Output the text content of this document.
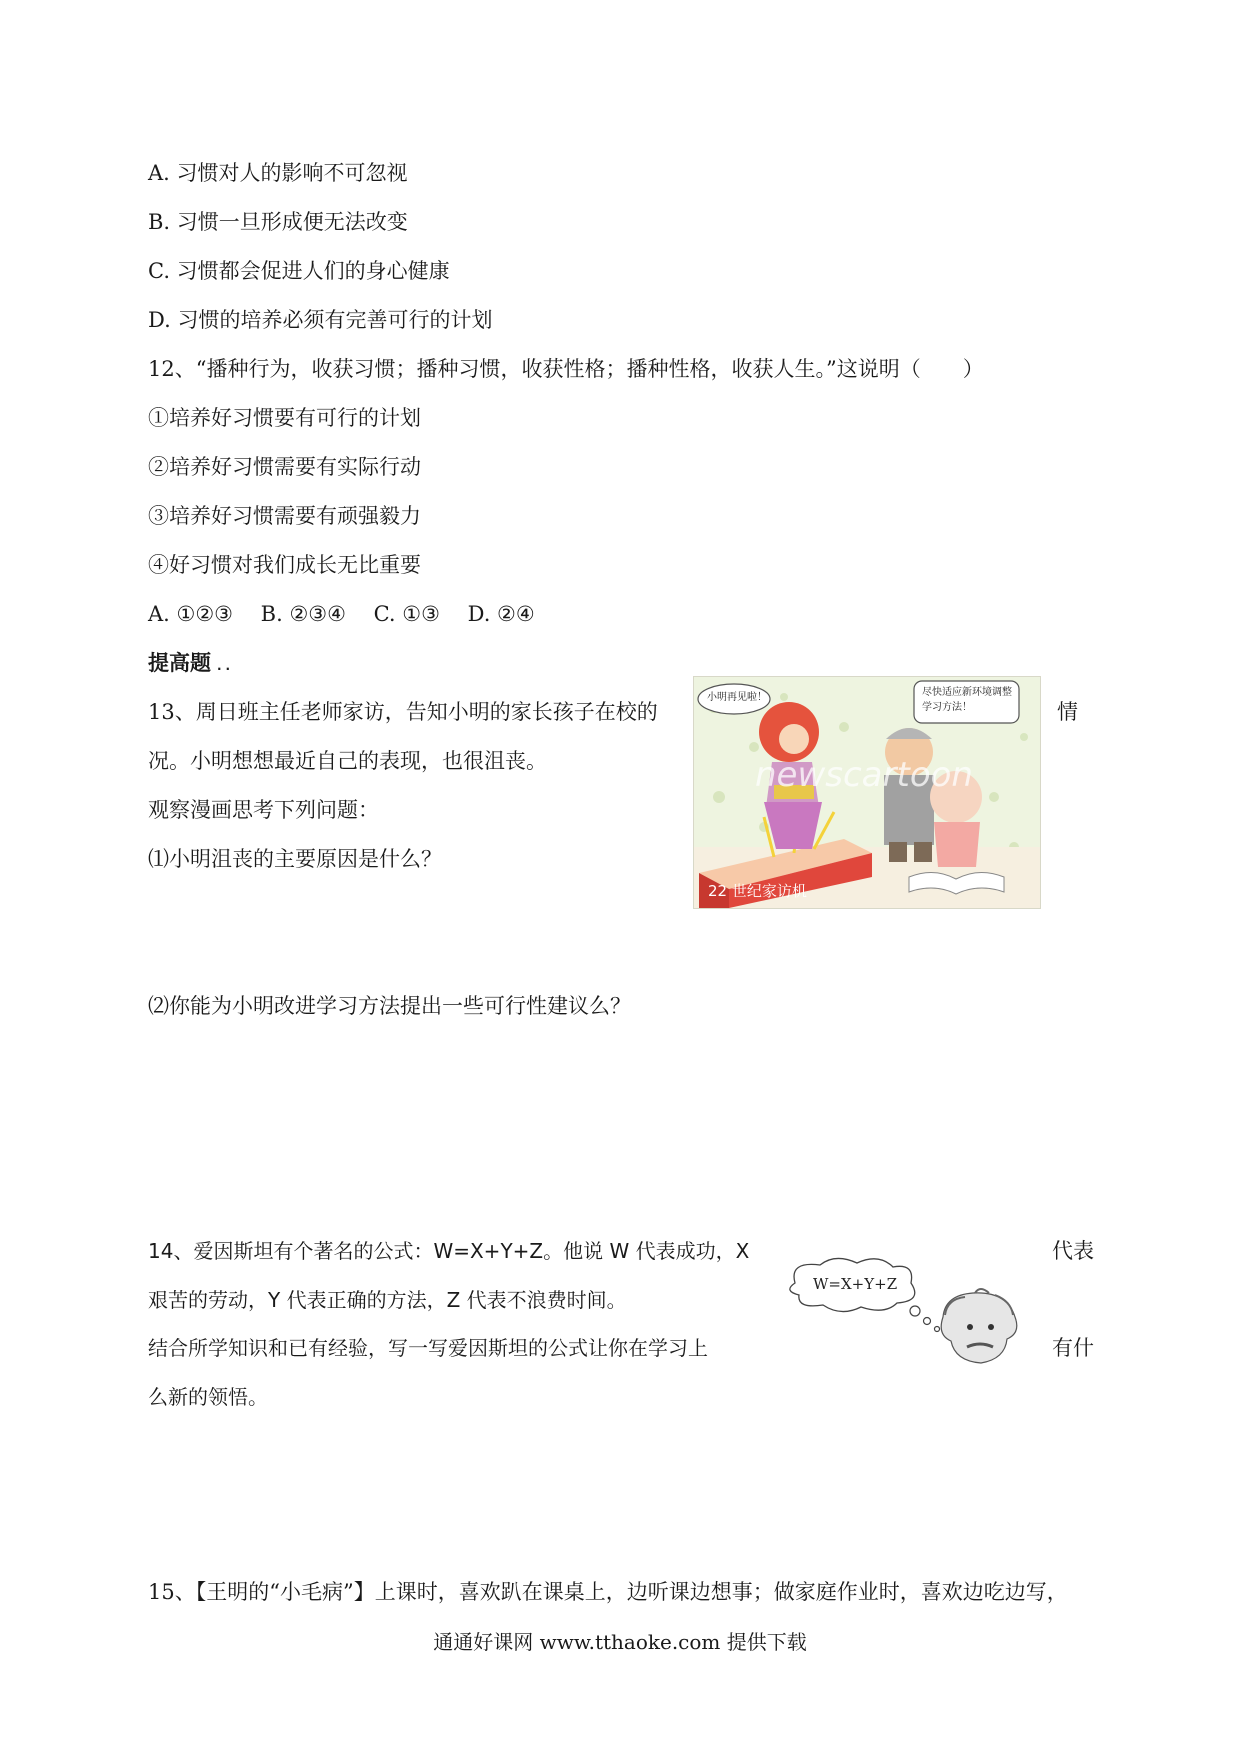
A. 习惯对人的影响不可忽视
B. 习惯一旦形成便无法改变
C. 习惯都会促进人们的身心健康
D. 习惯的培养必须有完善可行的计划
12、“播种行为，收获习惯；播种习惯，收获性格；播种性格，收获人生。”这说明（　　）
①培养好习惯要有可行的计划
②培养好习惯需要有实际行动
③培养好习惯需要有顽强毅力
④好习惯对我们成长无比重要
A. ①②③　 B. ②③④　 C. ①③　 D. ②④
提高题 ..
13、周日班主任老师家访，告知小明的家长孩子在校的	情
况。小明想想最近自己的表现，也很沮丧。
观察漫画思考下列问题：
⑴小明沮丧的主要原因是什么？
⑵你能为小明改进学习方法提出一些可行性建议么？
小明再见啦！	尽快适应新环境调整学习方法！
newscartoon
22 世纪家访机
14、爱因斯坦有个著名的公式：W=X+Y+Z。他说 W 代表成功，X	代表
艰苦的劳动，Y 代表正确的方法，Z 代表不浪费时间。
结合所学知识和已有经验，写一写爱因斯坦的公式让你在学习上	有什
么新的领悟。
W=X+Y+Z
15、【王明的“小毛病”】上课时，喜欢趴在课桌上，边听课边想事；做家庭作业时，喜欢边吃边写，
通通好课网 www.tthaoke.com 提供下载
